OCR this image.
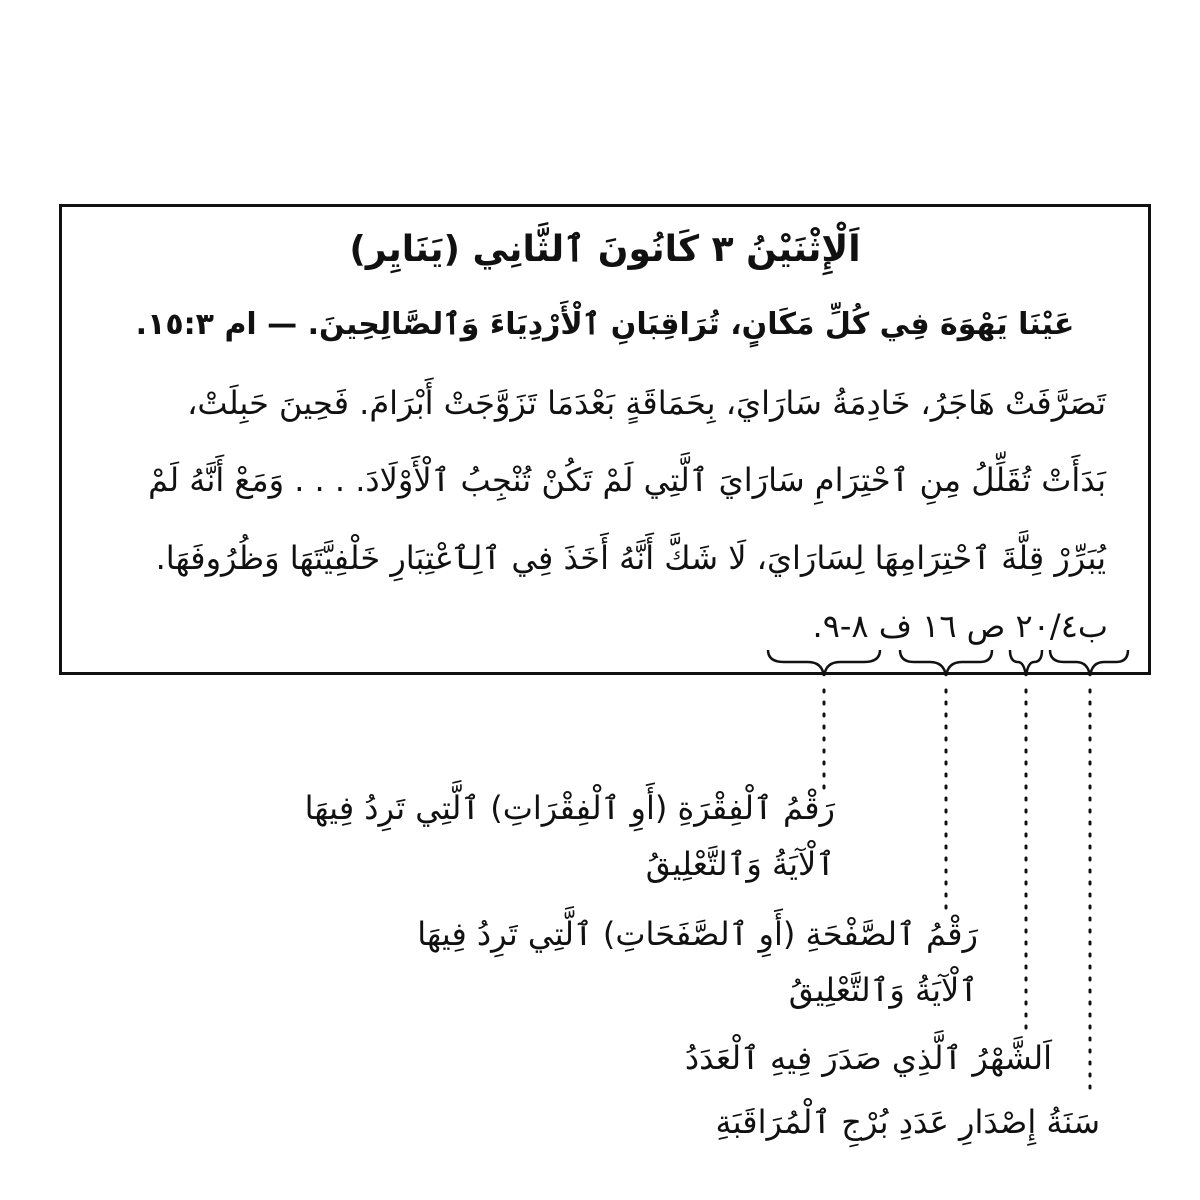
اَلْإِثْنَيْنُ ٣ كَانُونَ ٱلثَّانِي (يَنَايِر)
عَيْنَا يَهْوَهَ فِي كُلِّ مَكَانٍ، تُرَاقِبَانِ ٱلْأَرْدِيَاءَ وَٱلصَّالِحِينَ. — ام ١٥:٣.
تَصَرَّفَتْ هَاجَرُ، خَادِمَةُ سَارَايَ، بِحَمَاقَةٍ بَعْدَمَا تَزَوَّجَتْ أَبْرَامَ. فَحِينَ حَبِلَتْ،
بَدَأَتْ تُقَلِّلُ مِنِ ٱحْتِرَامِ سَارَايَ ٱلَّتِي لَمْ تَكُنْ تُنْجِبُ ٱلْأَوْلَادَ. . . . وَمَعْ أَنَّهُ لَمْ
يُبَرِّرْ قِلَّةَ ٱحْتِرَامِهَا لِسَارَايَ، لَا شَكَّ أَنَّهُ أَخَذَ فِي ٱلِٱعْتِبَارِ خَلْفِيَّتَهَا وَظُرُوفَهَا.
ب٢٠/٤ ص ١٦ ف ٨-٩.
رَقْمُ ٱلْفِقْرَةِ (أَوِ ٱلْفِقْرَاتِ) ٱلَّتِي تَرِدُ فِيهَا
ٱلْآيَةُ وَٱلتَّعْلِيقُ
رَقْمُ ٱلصَّفْحَةِ (أَوِ ٱلصَّفَحَاتِ) ٱلَّتِي تَرِدُ فِيهَا
ٱلْآيَةُ وَٱلتَّعْلِيقُ
اَلشَّهْرُ ٱلَّذِي صَدَرَ فِيهِ ٱلْعَدَدُ
سَنَةُ إِصْدَارِ عَدَدِ بُرْجِ ٱلْمُرَاقَبَةِ
